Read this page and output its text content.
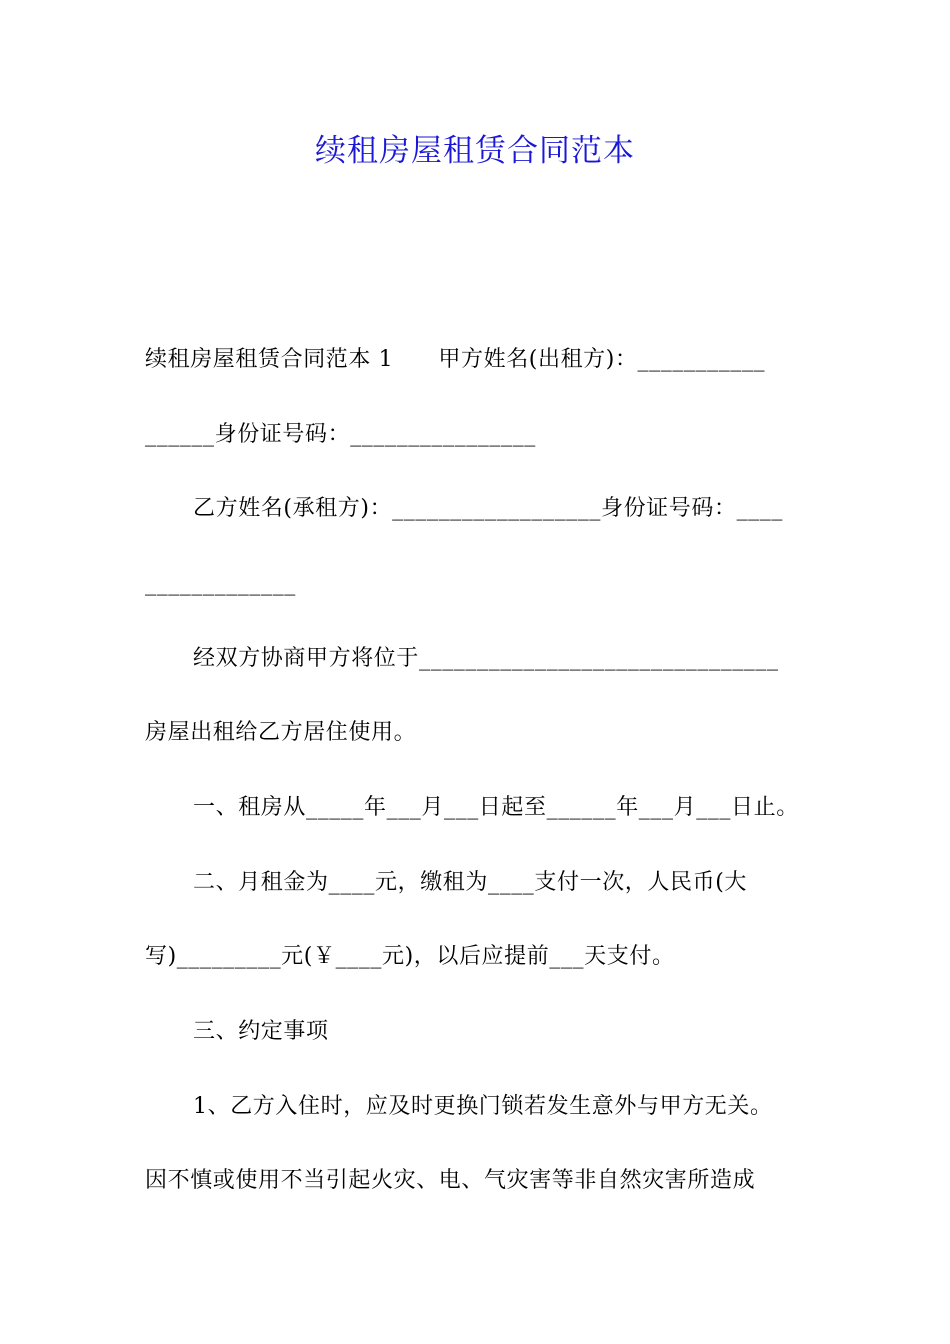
续租房屋租赁合同范本
续租房屋租赁合同范本 1　　甲方姓名(出租方)：___________
______身份证号码：________________
乙方姓名(承租方)：__________________身份证号码：____
_____________
经双方协商甲方将位于_______________________________
房屋出租给乙方居住使用。
一、租房从_____年___月___日起至______年___月___日止。
二、月租金为____元，缴租为____支付一次，人民币(大
写)_________元(￥____元)，以后应提前___天支付。
三、约定事项
1、乙方入住时，应及时更换门锁若发生意外与甲方无关。
因不慎或使用不当引起火灾、电、气灾害等非自然灾害所造成
